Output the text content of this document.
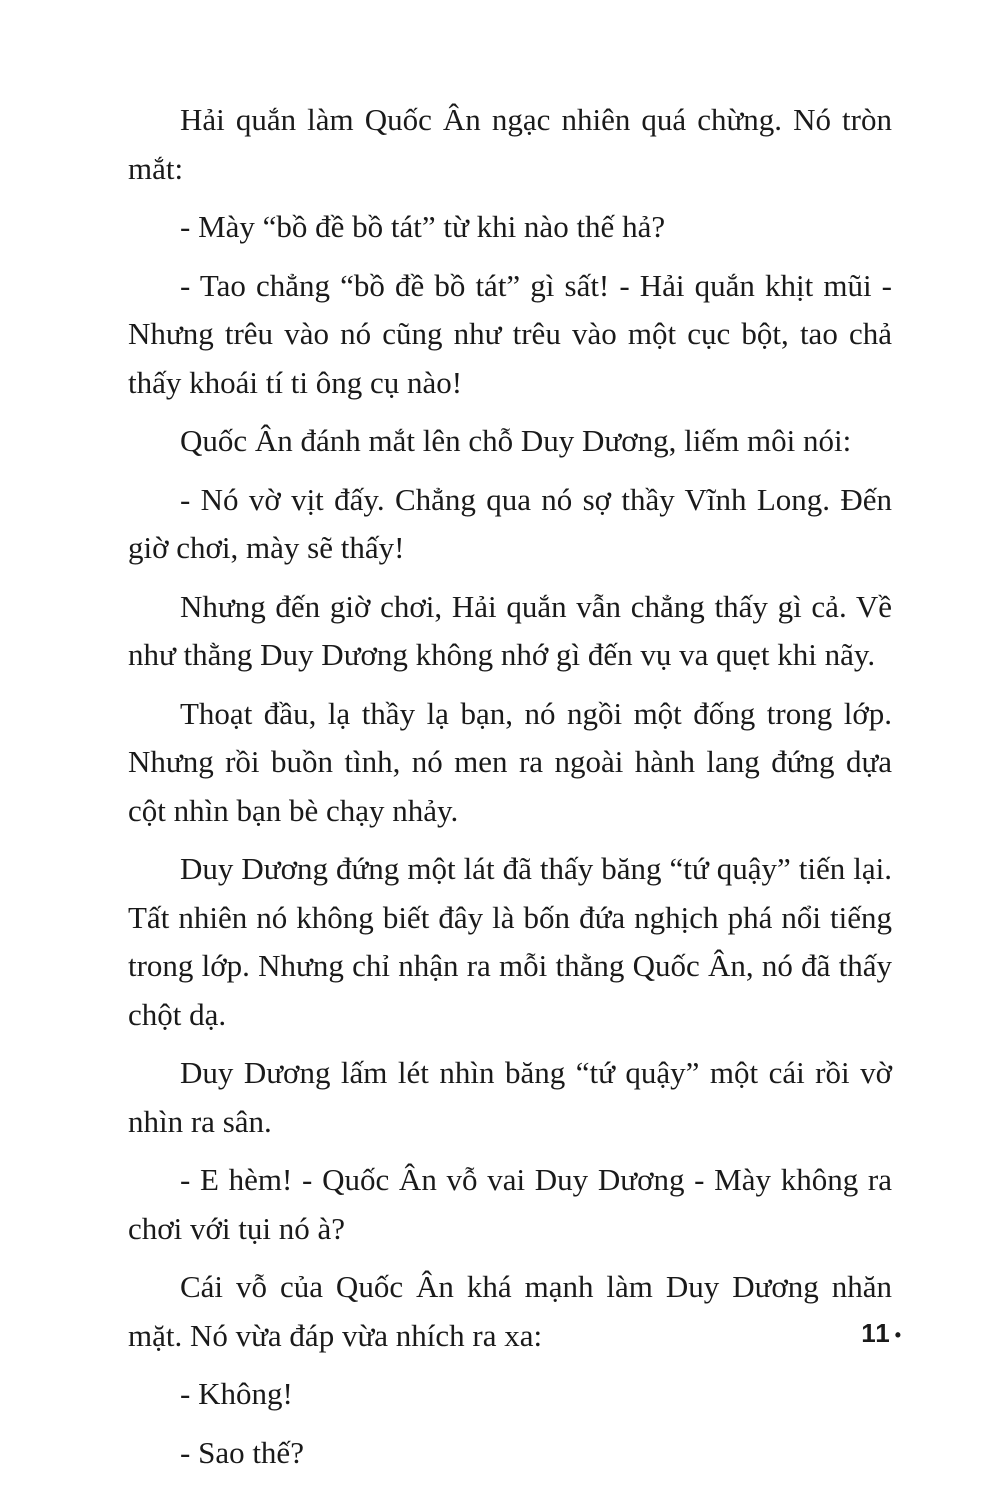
Hải quắn làm Quốc Ân ngạc nhiên quá chừng. Nó tròn mắt:

- Mày “bồ đề bồ tát” từ khi nào thế hả?

- Tao chẳng “bồ đề bồ tát” gì sất! - Hải quắn khịt mũi - Nhưng trêu vào nó cũng như trêu vào một cục bột, tao chả thấy khoái tí ti ông cụ nào!

Quốc Ân đánh mắt lên chỗ Duy Dương, liếm môi nói:

- Nó vờ vịt đấy. Chẳng qua nó sợ thầy Vĩnh Long. Đến giờ chơi, mày sẽ thấy!

Nhưng đến giờ chơi, Hải quắn vẫn chẳng thấy gì cả. Về như thằng Duy Dương không nhớ gì đến vụ va quẹt khi nãy.

Thoạt đầu, lạ thầy lạ bạn, nó ngồi một đống trong lớp. Nhưng rồi buồn tình, nó men ra ngoài hành lang đứng dựa cột nhìn bạn bè chạy nhảy.

Duy Dương đứng một lát đã thấy băng “tứ quậy” tiến lại. Tất nhiên nó không biết đây là bốn đứa nghịch phá nổi tiếng trong lớp. Nhưng chỉ nhận ra mỗi thằng Quốc Ân, nó đã thấy chột dạ.

Duy Dương lấm lét nhìn băng “tứ quậy” một cái rồi vờ nhìn ra sân.

- E hèm! - Quốc Ân vỗ vai Duy Dương - Mày không ra chơi với tụi nó à?

Cái vỗ của Quốc Ân khá mạnh làm Duy Dương nhăn mặt. Nó vừa đáp vừa nhích ra xa:

- Không!

- Sao thế?

11 •
